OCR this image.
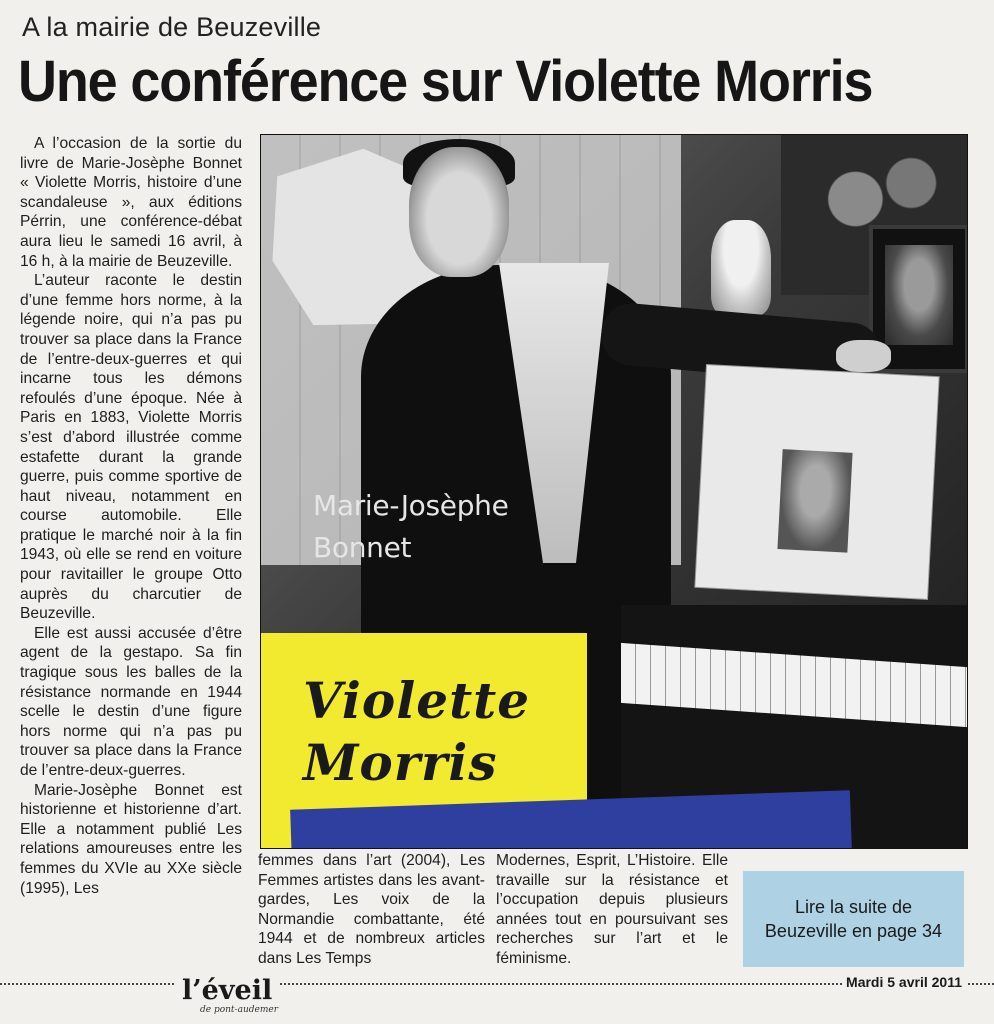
A la mairie de Beuzeville
Une conférence sur Violette Morris

A l’occasion de la sortie du livre de Marie-Josèphe Bonnet « Violette Morris, histoire d’une scandaleuse », aux éditions Pérrin, une conférence-débat aura lieu le samedi 16 avril, à 16 h, à la mairie de Beuzeville.

L’auteur raconte le destin d’une femme hors norme, à la légende noire, qui n’a pas pu trouver sa place dans la France de l’entre-deux-guerres et qui incarne tous les démons refoulés d’une époque. Née à Paris en 1883, Violette Morris s’est d’abord illustrée comme estafette durant la grande guerre, puis comme sportive de haut niveau, notamment en course automobile. Elle pratique le marché noir à la fin 1943, où elle se rend en voiture pour ravitailler le groupe Otto auprès du charcutier de Beuzeville.

Elle est aussi accusée d’être agent de la gestapo. Sa fin tragique sous les balles de la résistance normande en 1944 scelle le destin d’une figure hors norme qui n’a pas pu trouver sa place dans la France de l’entre-deux-guerres.

Marie-Josèphe Bonnet est historienne et historienne d’art. Elle a notamment publié Les relations amoureuses entre les femmes du XVIe au XXe siècle (1995), Les

Marie-Josèphe
Bonnet
Violette
Morris

femmes dans l’art (2004), Les Femmes artistes dans les avant-gardes, Les voix de la Normandie combattante, été 1944 et de nombreux articles dans Les Temps

Modernes, Esprit, L’Histoire. Elle travaille sur la résistance et l’occupation depuis plusieurs années tout en poursuivant ses recherches sur l’art et le féminisme.

Lire la suite de
Beuzeville en page 34
l’éveil
de pont-audemer
Mardi 5 avril 2011
